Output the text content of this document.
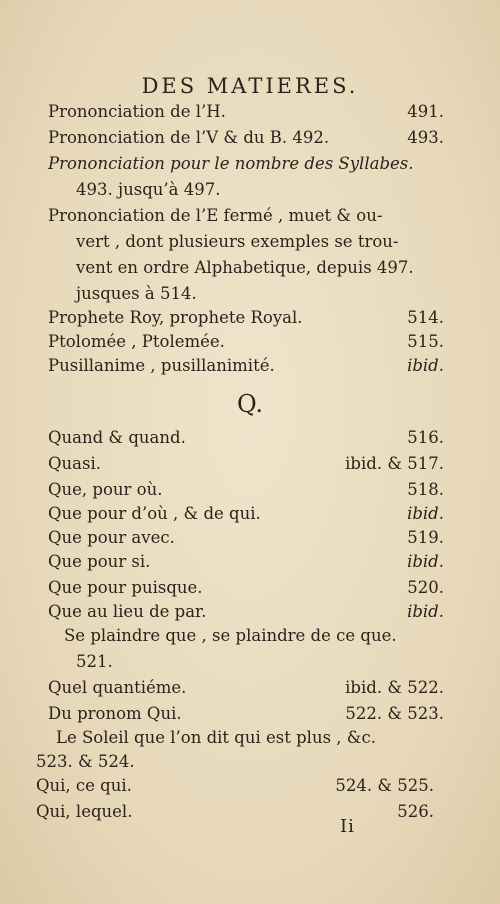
DES MATIERES.
Prononciation de l’H.	491.
Prononciation de l’V & du B. 492.	493.
Prononciation pour le nombre des Syllabes.
493. jusqu’à 497.
Prononciation de l’E fermé , muet & ou-
vert , dont plusieurs exemples se trou-
vent en ordre Alphabetique, depuis 497.
jusques à 514.
Prophete Roy, prophete Royal.	514.
Ptolomée , Ptolemée.	515.
Pusillanime , pusillanimité.	ibid.
Q.
Quand & quand.	516.
Quasi.	ibid. & 517.
Que, pour où.	518.
Que pour d’où , & de qui.	ibid.
Que pour avec.	519.
Que pour si.	ibid.
Que pour puisque.	520.
Que au lieu de par.	ibid.
Se plaindre que , se plaindre de ce que.
521.
Quel quantiéme.	ibid. & 522.
Du pronom Qui.	522. & 523.
Le Soleil que l’on dit qui est plus , &c.
523. & 524.
Qui, ce qui.	524. & 525.
Qui, lequel.	526.
Ii
